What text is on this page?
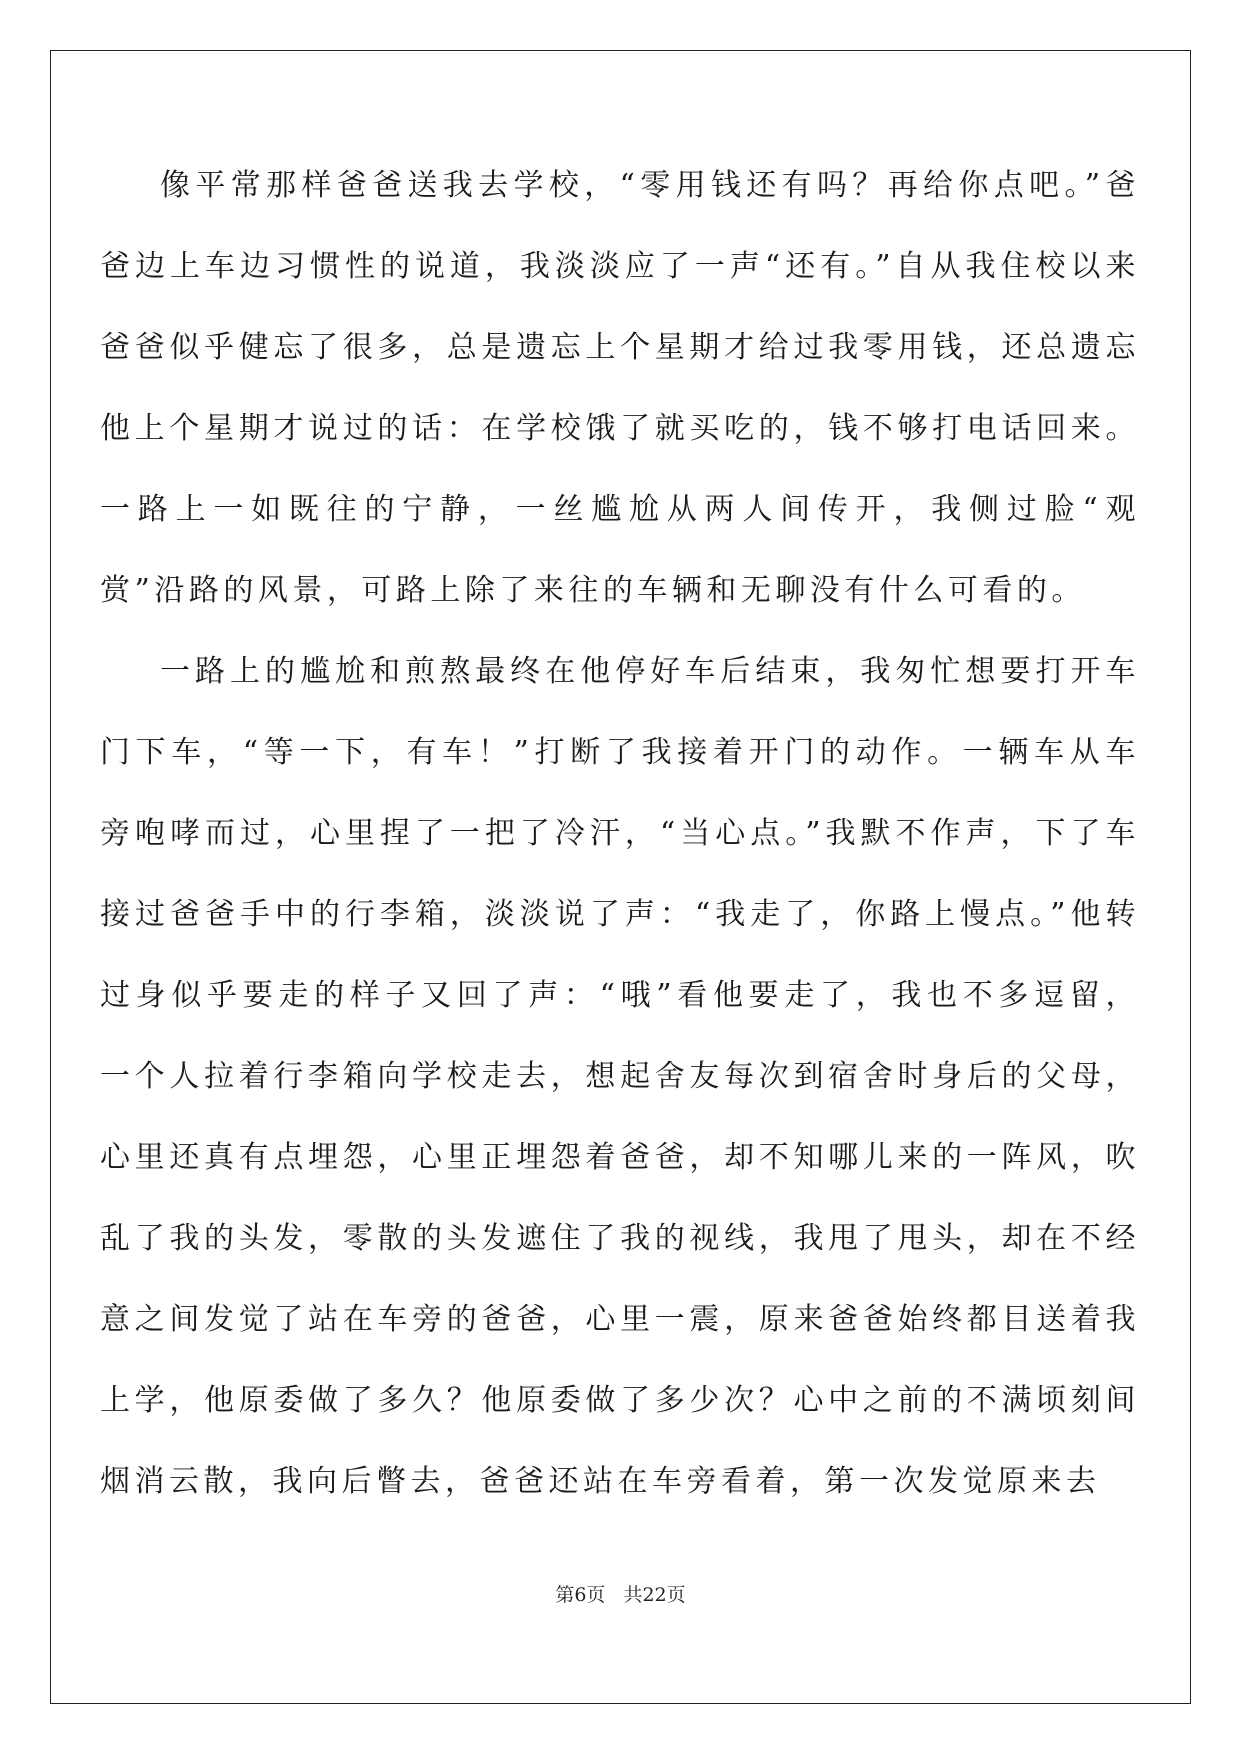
像平常那样爸爸送我去学校，“零用钱还有吗？再给你点吧。”爸爸边上车边习惯性的说道，我淡淡应了一声“还有。”自从我住校以来爸爸似乎健忘了很多，总是遗忘上个星期才给过我零用钱，还总遗忘他上个星期才说过的话：在学校饿了就买吃的，钱不够打电话回来。一路上一如既往的宁静，一丝尴尬从两人间传开，我侧过脸“观赏”沿路的风景，可路上除了来往的车辆和无聊没有什么可看的。

一路上的尴尬和煎熬最终在他停好车后结束，我匆忙想要打开车门下车，“等一下，有车！”打断了我接着开门的动作。一辆车从车旁咆哮而过，心里捏了一把了冷汗，“当心点。”我默不作声，下了车接过爸爸手中的行李箱，淡淡说了声：“我走了，你路上慢点。”他转过身似乎要走的样子又回了声：“哦”看他要走了，我也不多逗留，一个人拉着行李箱向学校走去，想起舍友每次到宿舍时身后的父母，心里还真有点埋怨，心里正埋怨着爸爸，却不知哪儿来的一阵风，吹乱了我的头发，零散的头发遮住了我的视线，我甩了甩头，却在不经意之间发觉了站在车旁的爸爸，心里一震，原来爸爸始终都目送着我上学，他原委做了多久？他原委做了多少次？心中之前的不满顷刻间烟消云散，我向后瞥去，爸爸还站在车旁看着，第一次发觉原来去

第6页 共22页
